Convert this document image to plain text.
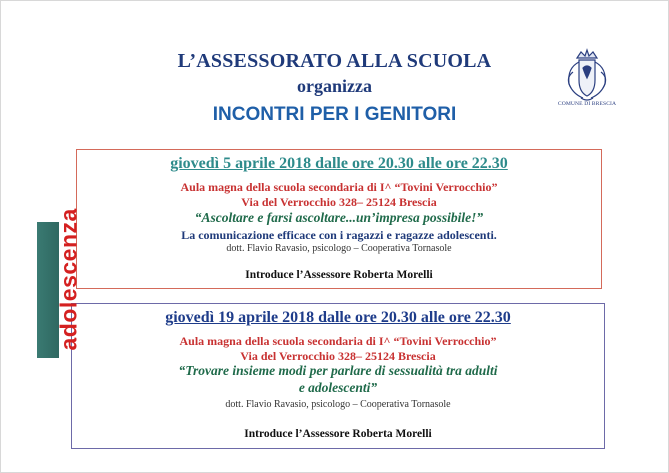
L’ASSESSORATO ALLA SCUOLA
organizza
INCONTRI PER I GENITORI	COMUNE DI BRESCIA
giovedì 5 aprile 2018 dalle ore 20.30 alle ore 22.30
Aula magna della scuola secondaria di I^ “Tovini Verrocchio”
Via del Verrocchio 328– 25124 Brescia
“Ascoltare e farsi ascoltare...un’impresa possibile!”
La comunicazione efficace con i ragazzi e ragazze adolescenti.
dott. Flavio Ravasio, psicologo – Cooperativa Tornasole
Introduce l’Assessore Roberta Morelli
giovedì 19 aprile 2018 dalle ore 20.30 alle ore 22.30
Aula magna della scuola secondaria di I^ “Tovini Verrocchio”
Via del Verrocchio 328– 25124 Brescia
“Trovare insieme modi per parlare di sessualità tra adulti
e adolescenti”
dott. Flavio Ravasio, psicologo – Cooperativa Tornasole
Introduce l’Assessore Roberta Morelli
adolescenza
